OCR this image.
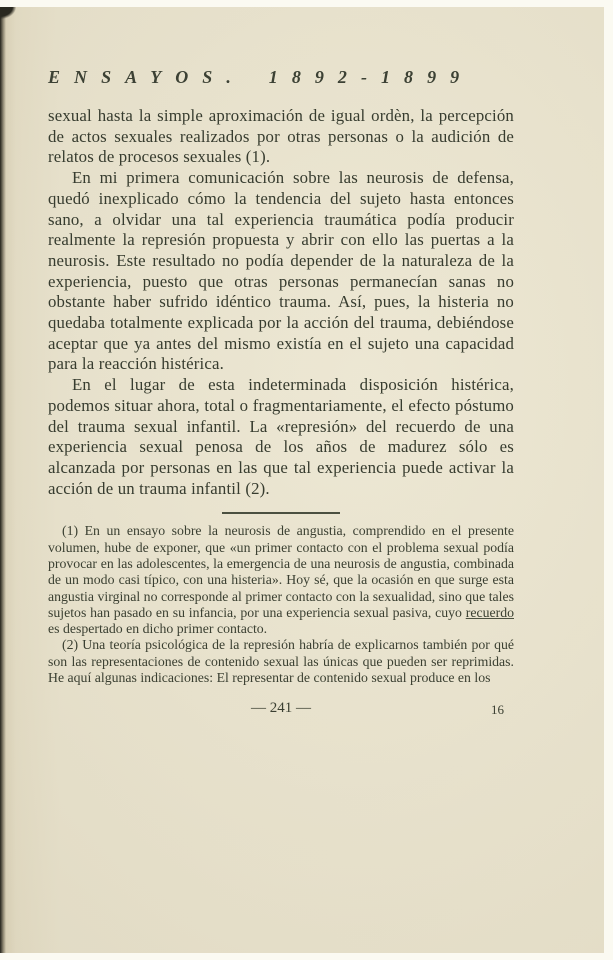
ENSAYOS. 1892-1899

sexual hasta la simple aproximación de igual ordèn, la percepción de actos sexuales realizados por otras personas o la audición de relatos de procesos sexuales (1).

En mi primera comunicación sobre las neurosis de defensa, quedó inexplicado cómo la tendencia del sujeto hasta entonces sano, a olvidar una tal experiencia traumática podía producir realmente la represión propuesta y abrir con ello las puertas a la neurosis. Este resultado no podía depender de la naturaleza de la experiencia, puesto que otras personas permanecían sanas no obstante haber sufrido idéntico trauma. Así, pues, la histeria no quedaba totalmente explicada por la acción del trauma, debiéndose aceptar que ya antes del mismo existía en el sujeto una capacidad para la reacción histérica.

En el lugar de esta indeterminada disposición histérica, podemos situar ahora, total o fragmentariamente, el efecto póstumo del trauma sexual infantil. La «represión» del recuerdo de una experiencia sexual penosa de los años de madurez sólo es alcanzada por personas en las que tal experiencia puede activar la acción de un trauma infantil (2).

(1) En un ensayo sobre la neurosis de angustia, comprendido en el presente volumen, hube de exponer, que «un primer contacto con el problema sexual podía provocar en las adolescentes, la emergencia de una neurosis de angustia, combinada de un modo casi típico, con una histeria». Hoy sé, que la ocasión en que surge esta angustia virginal no corresponde al primer contacto con la sexualidad, sino que tales sujetos han pasado en su infancia, por una experiencia sexual pasiva, cuyo recuerdo es despertado en dicho primer contacto.

(2) Una teoría psicológica de la represión habría de explicarnos también por qué son las representaciones de contenido sexual las únicas que pueden ser reprimidas. He aquí algunas indicaciones: El representar de contenido sexual produce en los

— 241 —	16
